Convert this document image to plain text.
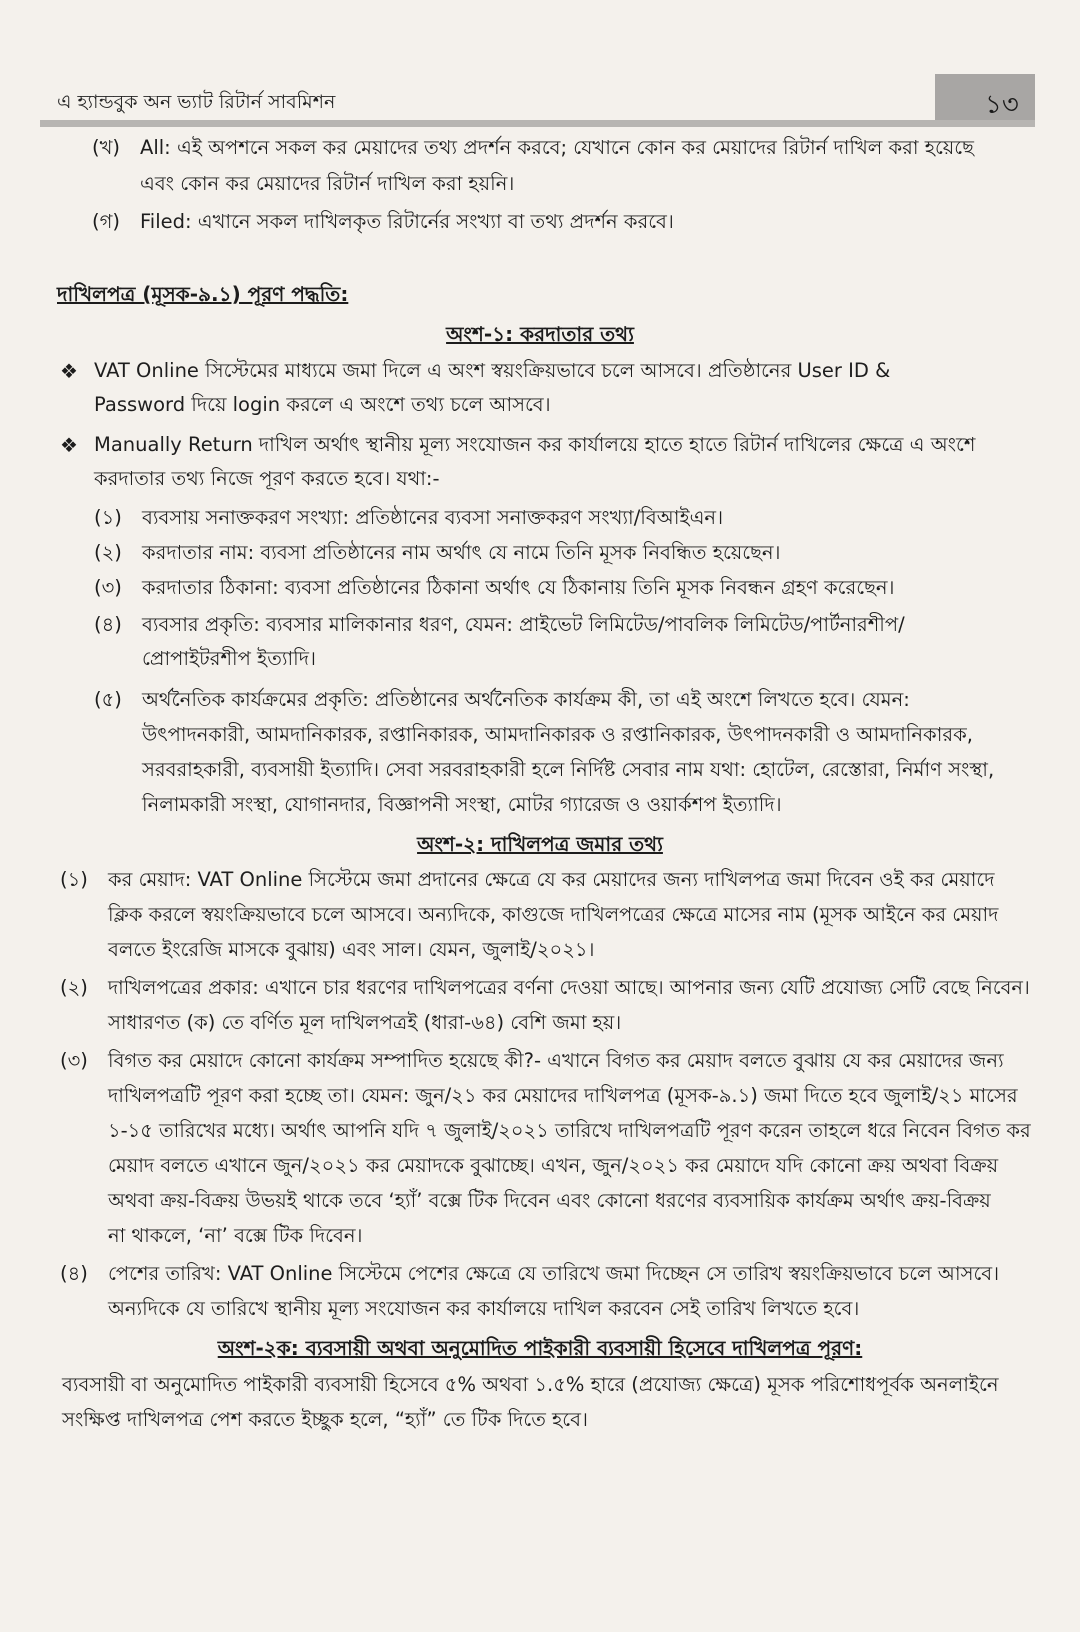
এ হ্যান্ডবুক অন ভ্যাট রিটার্ন সাবমিশন	১৩
(খ) All: এই অপশনে সকল কর মেয়াদের তথ্য প্রদর্শন করবে; যেখানে কোন কর মেয়াদের রিটার্ন দাখিল করা হয়েছে
এবং কোন কর মেয়াদের রিটার্ন দাখিল করা হয়নি।
(গ) Filed: এখানে সকল দাখিলকৃত রিটার্নের সংখ্যা বা তথ্য প্রদর্শন করবে।
দাখিলপত্র (মূসক-৯.১) পূরণ পদ্ধতি:
অংশ-১: করদাতার তথ্য
❖ VAT Online সিস্টেমের মাধ্যমে জমা দিলে এ অংশ স্বয়ংক্রিয়ভাবে চলে আসবে। প্রতিষ্ঠানের User ID &
Password দিয়ে login করলে এ অংশে তথ্য চলে আসবে।
❖ Manually Return দাখিল অর্থাৎ স্থানীয় মূল্য সংযোজন কর কার্যালয়ে হাতে হাতে রিটার্ন দাখিলের ক্ষেত্রে এ অংশে
করদাতার তথ্য নিজে পূরণ করতে হবে। যথা:-
(১) ব্যবসায় সনাক্তকরণ সংখ্যা: প্রতিষ্ঠানের ব্যবসা সনাক্তকরণ সংখ্যা/বিআইএন।
(২) করদাতার নাম: ব্যবসা প্রতিষ্ঠানের নাম অর্থাৎ যে নামে তিনি মূসক নিবন্ধিত হয়েছেন।
(৩) করদাতার ঠিকানা: ব্যবসা প্রতিষ্ঠানের ঠিকানা অর্থাৎ যে ঠিকানায় তিনি মূসক নিবন্ধন গ্রহণ করেছেন।
(৪) ব্যবসার প্রকৃতি: ব্যবসার মালিকানার ধরণ, যেমন: প্রাইভেট লিমিটেড/পাবলিক লিমিটেড/পার্টনারশীপ/
প্রোপাইটরশীপ ইত্যাদি।
(৫) অর্থনৈতিক কার্যক্রমের প্রকৃতি: প্রতিষ্ঠানের অর্থনৈতিক কার্যক্রম কী, তা এই অংশে লিখতে হবে। যেমন:
উৎপাদনকারী, আমদানিকারক, রপ্তানিকারক, আমদানিকারক ও রপ্তানিকারক, উৎপাদনকারী ও আমদানিকারক,
সরবরাহকারী, ব্যবসায়ী ইত্যাদি। সেবা সরবরাহকারী হলে নির্দিষ্ট সেবার নাম যথা: হোটেল, রেস্তোরা, নির্মাণ সংস্থা,
নিলামকারী সংস্থা, যোগানদার, বিজ্ঞাপনী সংস্থা, মোটর গ্যারেজ ও ওয়ার্কশপ ইত্যাদি।
অংশ-২: দাখিলপত্র জমার তথ্য
(১) কর মেয়াদ: VAT Online সিস্টেমে জমা প্রদানের ক্ষেত্রে যে কর মেয়াদের জন্য দাখিলপত্র জমা দিবেন ওই কর মেয়াদে
ক্লিক করলে স্বয়ংক্রিয়ভাবে চলে আসবে। অন্যদিকে, কাগুজে দাখিলপত্রের ক্ষেত্রে মাসের নাম (মূসক আইনে কর মেয়াদ
বলতে ইংরেজি মাসকে বুঝায়) এবং সাল। যেমন, জুলাই/২০২১।
(২) দাখিলপত্রের প্রকার: এখানে চার ধরণের দাখিলপত্রের বর্ণনা দেওয়া আছে। আপনার জন্য যেটি প্রযোজ্য সেটি বেছে নিবেন।
সাধারণত (ক) তে বর্ণিত মূল দাখিলপত্রই (ধারা-৬৪) বেশি জমা হয়।
(৩) বিগত কর মেয়াদে কোনো কার্যক্রম সম্পাদিত হয়েছে কী?- এখানে বিগত কর মেয়াদ বলতে বুঝায় যে কর মেয়াদের জন্য
দাখিলপত্রটি পূরণ করা হচ্ছে তা। যেমন: জুন/২১ কর মেয়াদের দাখিলপত্র (মূসক-৯.১) জমা দিতে হবে জুলাই/২১ মাসের
১-১৫ তারিখের মধ্যে। অর্থাৎ আপনি যদি ৭ জুলাই/২০২১ তারিখে দাখিলপত্রটি পূরণ করেন তাহলে ধরে নিবেন বিগত কর
মেয়াদ বলতে এখানে জুন/২০২১ কর মেয়াদকে বুঝাচ্ছে। এখন, জুন/২০২১ কর মেয়াদে যদি কোনো ক্রয় অথবা বিক্রয়
অথবা ক্রয়-বিক্রয় উভয়ই থাকে তবে ‘হ্যাঁ’ বক্সে টিক দিবেন এবং কোনো ধরণের ব্যবসায়িক কার্যক্রম অর্থাৎ ক্রয়-বিক্রয়
না থাকলে, ‘না’ বক্সে টিক দিবেন।
(৪) পেশের তারিখ: VAT Online সিস্টেমে পেশের ক্ষেত্রে যে তারিখে জমা দিচ্ছেন সে তারিখ স্বয়ংক্রিয়ভাবে চলে আসবে।
অন্যদিকে যে তারিখে স্থানীয় মূল্য সংযোজন কর কার্যালয়ে দাখিল করবেন সেই তারিখ লিখতে হবে।
অংশ-২ক: ব্যবসায়ী অথবা অনুমোদিত পাইকারী ব্যবসায়ী হিসেবে দাখিলপত্র পূরণ:
ব্যবসায়ী বা অনুমোদিত পাইকারী ব্যবসায়ী হিসেবে ৫% অথবা ১.৫% হারে (প্রযোজ্য ক্ষেত্রে) মূসক পরিশোধপূর্বক অনলাইনে
সংক্ষিপ্ত দাখিলপত্র পেশ করতে ইচ্ছুক হলে, “হ্যাঁ” তে টিক দিতে হবে।
